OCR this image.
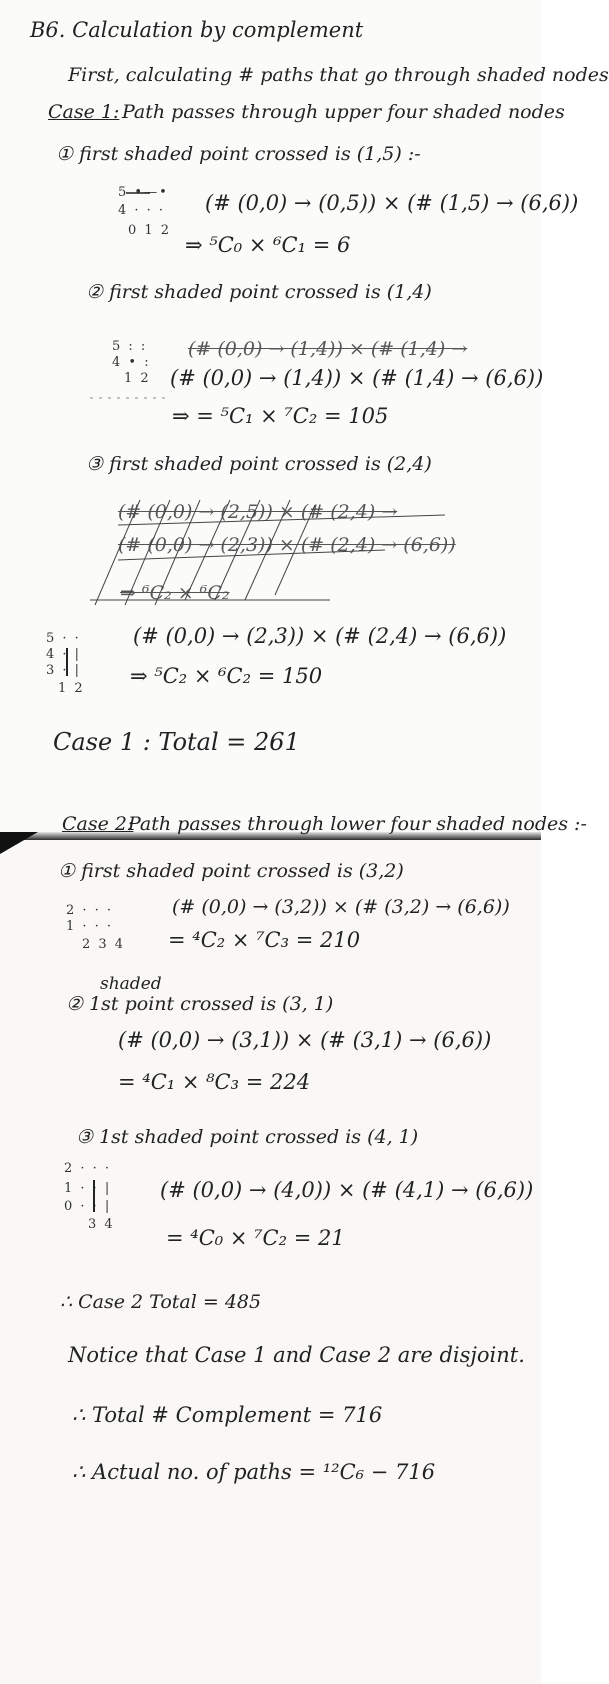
B6. Calculation by complement
First, calculating # paths that go through shaded nodes
Case 1: Path passes through upper four shaded nodes
① first shaded point crossed is (1,5) :-
5 •—•
4 · · ·
0 1 2
(# (0,0) → (0,5)) × (# (1,5) → (6,6))
⇒ ⁵C₀ × ⁶C₁ = 6
② first shaded point crossed is (1,4)
5 : :
4 • :
1 2
(# (0,0) → (1,4)) × (# (1,4) →
(# (0,0) → (1,4)) × (# (1,4) → (6,6))
⇒ = ⁵C₁ × ⁷C₂ = 105
③ first shaded point crossed is (2,4)
(# (0,0) → (2,5)) × (# (2,4) →
(# (0,0) → (2,3)) × (# (2,4) → (6,6))
⇒ ⁶C₂ × ⁶C₂
5 · ·
4 · |
3 · |
1 2
(# (0,0) → (2,3)) × (# (2,4) → (6,6))
⇒ ⁵C₂ × ⁶C₂ = 150
Case 1 : Total = 261
Case 2:
Path passes through lower four shaded nodes :-
① first shaded point crossed is (3,2)
2 · · ·
1 · · ·
2 3 4
(# (0,0) → (3,2)) × (# (3,2) → (6,6))
= ⁴C₂ × ⁷C₃ = 210
shaded
② 1st point crossed is (3, 1)
(# (0,0) → (3,1)) × (# (3,1) → (6,6))
= ⁴C₁ × ⁸C₃ = 224
③ 1st shaded point crossed is (4, 1)
2 · · ·
1 · · |
0 · · |
3 4
(# (0,0) → (4,0)) × (# (4,1) → (6,6))
= ⁴C₀ × ⁷C₂ = 21
∴ Case 2 Total = 485
Notice that Case 1 and Case 2 are disjoint.
∴ Total # Complement = 716
∴ Actual no. of paths = ¹²C₆ − 716
